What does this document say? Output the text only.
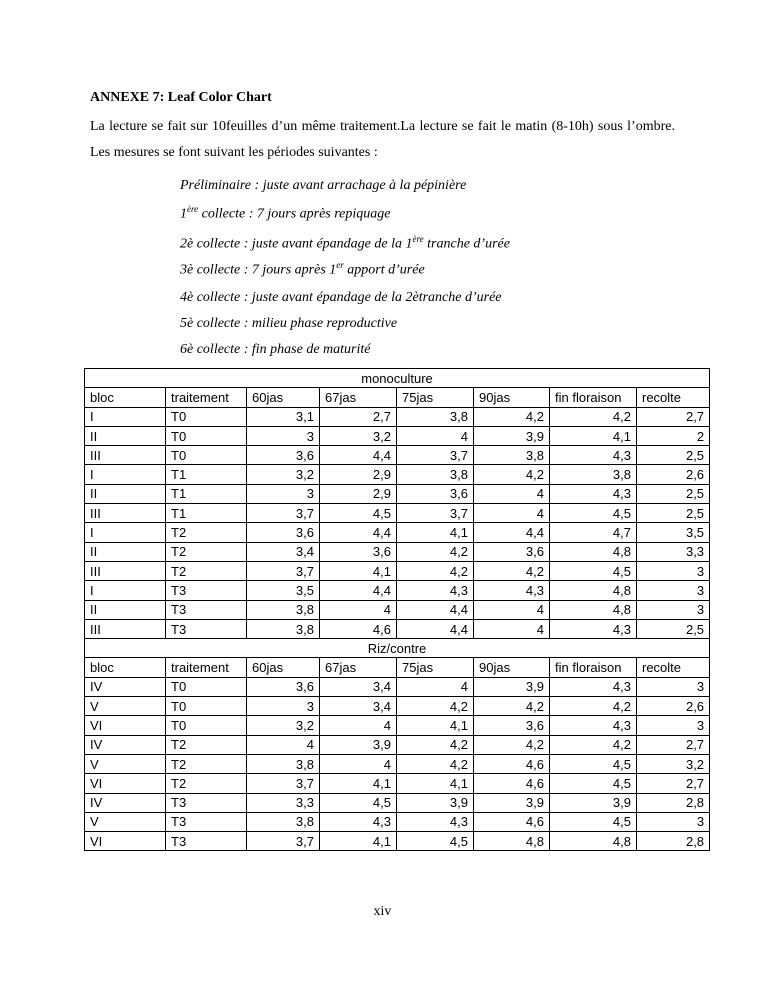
ANNEXE 7: Leaf Color Chart
La lecture se fait sur 10feuilles d’un même traitement.La lecture se fait le matin (8-10h) sous l’ombre. Les mesures se font suivant les périodes suivantes :
Préliminaire : juste avant arrachage à la pépinière
1ère collecte : 7 jours après repiquage
2è collecte : juste avant épandage de la 1ère tranche d’urée
3è collecte : 7 jours après 1er apport d’urée
4è collecte : juste avant épandage de la 2ètranche d’urée
5è collecte : milieu phase reproductive
6è collecte : fin phase de maturité
monoculture							
bloc	traitement	60jas	67jas	75jas	90jas	fin floraison	recolte
I	T0	3,1	2,7	3,8	4,2	4,2	2,7
II	T0	3	3,2	4	3,9	4,1	2
III	T0	3,6	4,4	3,7	3,8	4,3	2,5
I	T1	3,2	2,9	3,8	4,2	3,8	2,6
II	T1	3	2,9	3,6	4	4,3	2,5
III	T1	3,7	4,5	3,7	4	4,5	2,5
I	T2	3,6	4,4	4,1	4,4	4,7	3,5
II	T2	3,4	3,6	4,2	3,6	4,8	3,3
III	T2	3,7	4,1	4,2	4,2	4,5	3
I	T3	3,5	4,4	4,3	4,3	4,8	3
II	T3	3,8	4	4,4	4	4,8	3
III	T3	3,8	4,6	4,4	4	4,3	2,5
Riz/contre							
bloc	traitement	60jas	67jas	75jas	90jas	fin floraison	recolte
IV	T0	3,6	3,4	4	3,9	4,3	3
V	T0	3	3,4	4,2	4,2	4,2	2,6
VI	T0	3,2	4	4,1	3,6	4,3	3
IV	T2	4	3,9	4,2	4,2	4,2	2,7
V	T2	3,8	4	4,2	4,6	4,5	3,2
VI	T2	3,7	4,1	4,1	4,6	4,5	2,7
IV	T3	3,3	4,5	3,9	3,9	3,9	2,8
V	T3	3,8	4,3	4,3	4,6	4,5	3
VI	T3	3,7	4,1	4,5	4,8	4,8	2,8
xiv
